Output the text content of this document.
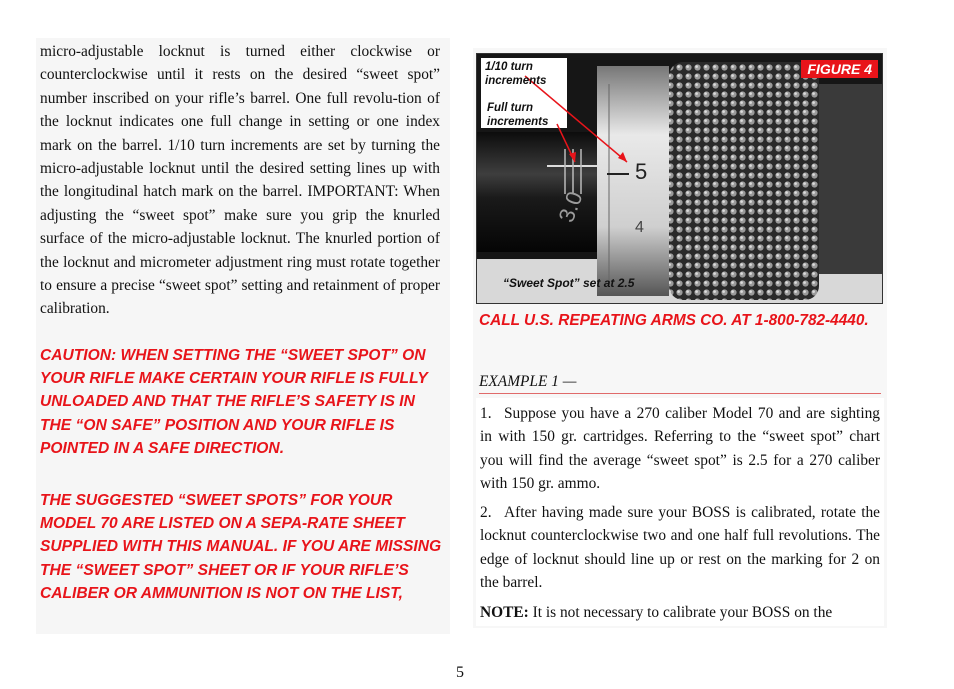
micro-adjustable locknut is turned either clockwise or counterclockwise until it rests on the desired “sweet spot” number inscribed on your rifle’s barrel. One full revolu-tion of the locknut indicates one full change in setting or one index mark on the barrel. 1/10 turn increments are set by turning the micro-adjustable locknut until the desired setting lines up with the longitudinal hatch mark on the barrel. IMPORTANT: When adjusting the “sweet spot” make sure you grip the knurled surface of the micro-adjustable locknut. The knurled portion of the locknut and micrometer adjustment ring must rotate together to ensure a precise “sweet spot” setting and retainment of proper calibration.

CAUTION: WHEN SETTING THE “SWEET SPOT” ON YOUR RIFLE MAKE CERTAIN YOUR RIFLE IS FULLY UNLOADED AND THAT THE RIFLE’S SAFETY IS IN THE “ON SAFE” POSITION AND YOUR RIFLE IS POINTED IN A SAFE DIRECTION.

THE SUGGESTED “SWEET SPOTS” FOR YOUR MODEL 70 ARE LISTED ON A SEPA-RATE SHEET SUPPLIED WITH THIS MANUAL. IF YOU ARE MISSING THE “SWEET SPOT” SHEET OR IF YOUR RIFLE’S CALIBER OR AMMUNITION IS NOT ON THE LIST,

5
4
3.0
FIGURE 4
1/10 turn increments
Full turn increments
“Sweet Spot” set at 2.5

CALL U.S. REPEATING ARMS CO. AT 1-800-782-4440.

EXAMPLE 1 —

1. Suppose you have a 270 caliber Model 70 and are sighting in with 150 gr. cartridges. Referring to the “sweet spot” chart you will find the average “sweet spot” is 2.5 for a 270 caliber with 150 gr. ammo.

2. After having made sure your BOSS is calibrated, rotate the locknut counterclockwise two and one half full revolutions. The edge of locknut should line up or rest on the marking for 2 on the barrel.

NOTE: It is not necessary to calibrate your BOSS on the

5
